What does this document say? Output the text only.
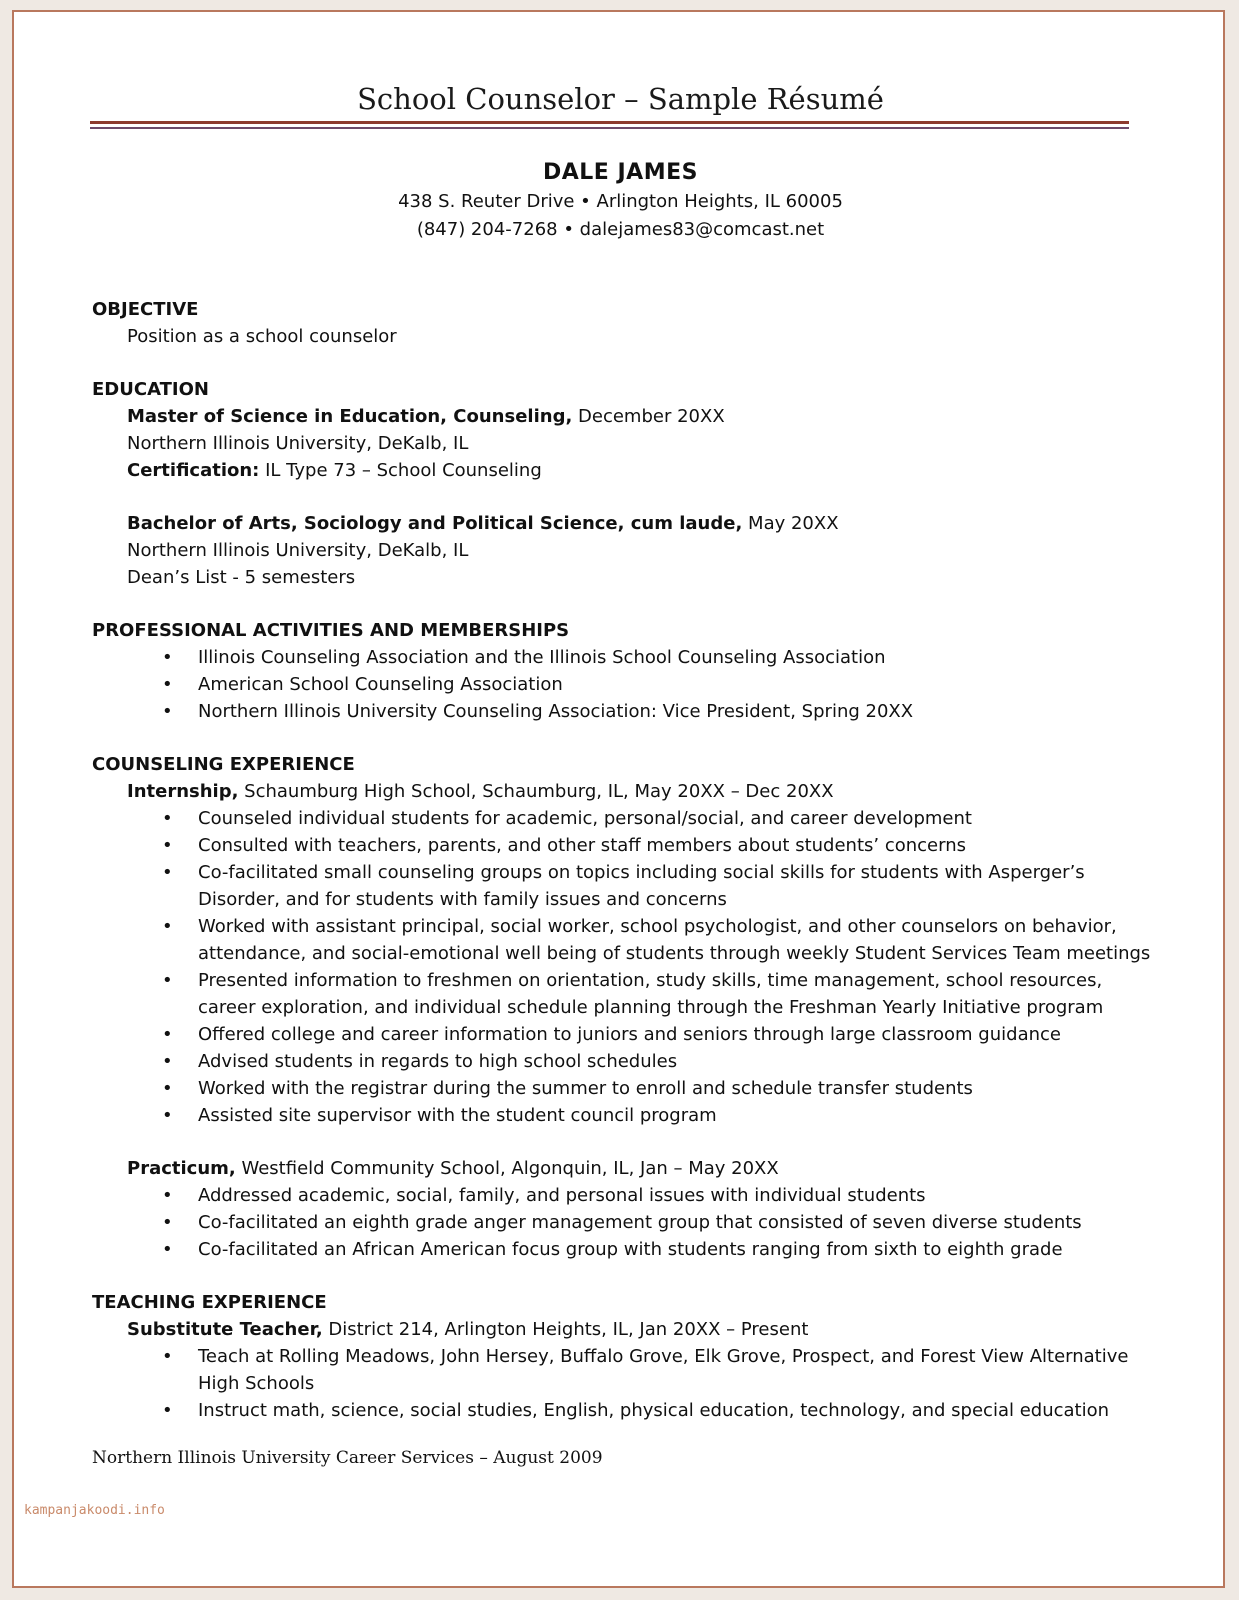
School Counselor – Sample Résumé
DALE JAMES
438 S. Reuter Drive • Arlington Heights, IL 60005
(847) 204-7268 • dalejames83@comcast.net
OBJECTIVE
Position as a school counselor
EDUCATION
Master of Science in Education, Counseling, December 20XX
Northern Illinois University, DeKalb, IL
Certification: IL Type 73 – School Counseling
Bachelor of Arts, Sociology and Political Science, cum laude, May 20XX
Northern Illinois University, DeKalb, IL
Dean’s List - 5 semesters
PROFESSIONAL ACTIVITIES AND MEMBERSHIPS
• Illinois Counseling Association and the Illinois School Counseling Association
• American School Counseling Association
• Northern Illinois University Counseling Association: Vice President, Spring 20XX
COUNSELING EXPERIENCE
Internship, Schaumburg High School, Schaumburg, IL, May 20XX – Dec 20XX
• Counseled individual students for academic, personal/social, and career development
• Consulted with teachers, parents, and other staff members about students’ concerns
• Co-facilitated small counseling groups on topics including social skills for students with Asperger’s Disorder, and for students with family issues and concerns
• Worked with assistant principal, social worker, school psychologist, and other counselors on behavior, attendance, and social-emotional well being of students through weekly Student Services Team meetings
• Presented information to freshmen on orientation, study skills, time management, school resources, career exploration, and individual schedule planning through the Freshman Yearly Initiative program
• Offered college and career information to juniors and seniors through large classroom guidance
• Advised students in regards to high school schedules
• Worked with the registrar during the summer to enroll and schedule transfer students
• Assisted site supervisor with the student council program
Practicum, Westfield Community School, Algonquin, IL, Jan – May 20XX
• Addressed academic, social, family, and personal issues with individual students
• Co-facilitated an eighth grade anger management group that consisted of seven diverse students
• Co-facilitated an African American focus group with students ranging from sixth to eighth grade
TEACHING EXPERIENCE
Substitute Teacher, District 214, Arlington Heights, IL, Jan 20XX – Present
• Teach at Rolling Meadows, John Hersey, Buffalo Grove, Elk Grove, Prospect, and Forest View Alternative High Schools
• Instruct math, science, social studies, English, physical education, technology, and special education
Northern Illinois University Career Services – August 2009
kampanjakoodi.info
